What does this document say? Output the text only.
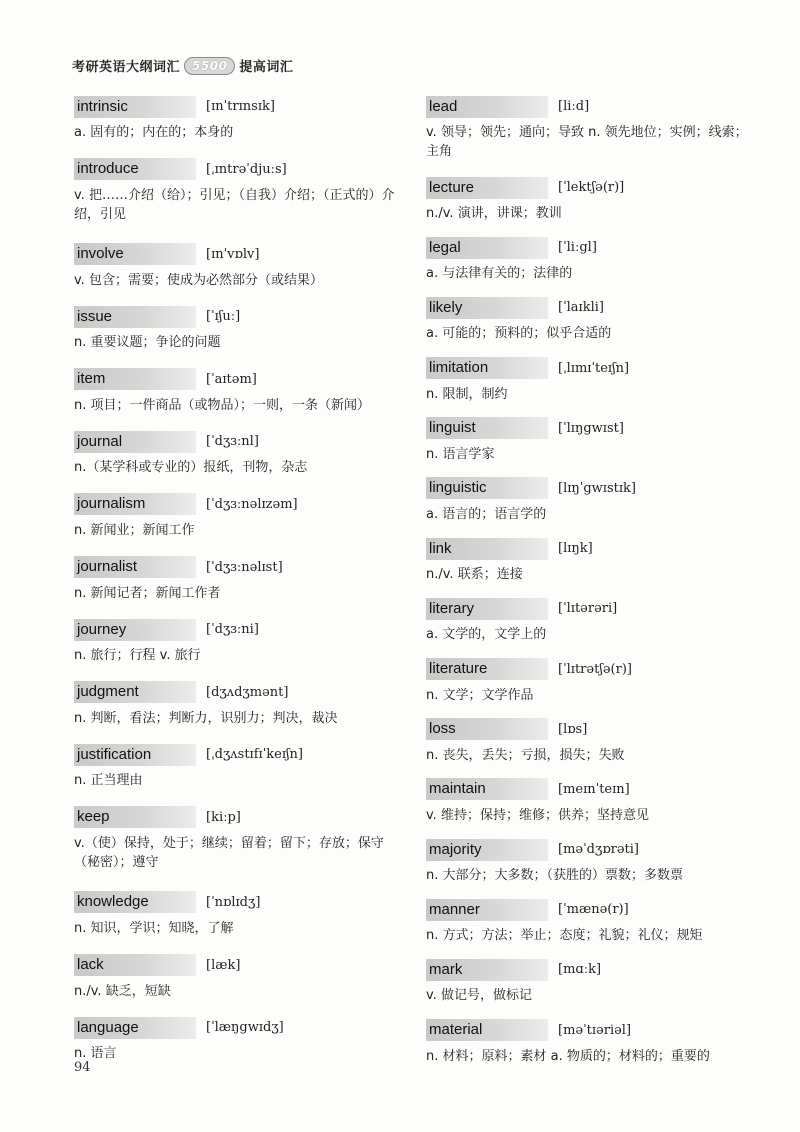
考研英语大纲词汇	5500 提高词汇
intrinsic	[ɪnˈtrɪnsɪk]
a. 固有的；内在的；本身的
introduce	[ˌɪntrəˈdjuːs]
v. 把……介绍（给）；引见；（自我）介绍；（正式的）介绍，引见
involve	[ɪnˈvɒlv]
v. 包含；需要；使成为必然部分（或结果）
issue	[ˈɪʃuː]
n. 重要议题；争论的问题
item	[ˈaɪtəm]
n. 项目；一件商品（或物品）；一则，一条（新闻）
journal	[ˈdʒɜːnl]
n.（某学科或专业的）报纸，刊物，杂志
journalism	[ˈdʒɜːnəlɪzəm]
n. 新闻业；新闻工作
journalist	[ˈdʒɜːnəlɪst]
n. 新闻记者；新闻工作者
journey	[ˈdʒɜːni]
n. 旅行；行程 v. 旅行
judgment	[dʒʌdʒmənt]
n. 判断，看法；判断力，识别力；判决，裁决
justification	[ˌdʒʌstɪfɪˈkeɪʃn]
n. 正当理由
keep	[kiːp]
v.（使）保持，处于；继续；留着；留下；存放；保守（秘密）；遵守
knowledge	[ˈnɒlɪdʒ]
n. 知识，学识；知晓，了解
lack	[læk]
n./v. 缺乏，短缺
language	[ˈlæŋgwɪdʒ]
n. 语言
lead	[liːd]
v. 领导；领先；通向；导致 n. 领先地位；实例；线索；主角
lecture	[ˈlektʃə(r)]
n./v. 演讲，讲课；教训
legal	[ˈliːgl]
a. 与法律有关的；法律的
likely	[ˈlaɪkli]
a. 可能的；预料的；似乎合适的
limitation	[ˌlɪmɪˈteɪʃn]
n. 限制，制约
linguist	[ˈlɪŋgwɪst]
n. 语言学家
linguistic	[lɪŋˈgwɪstɪk]
a. 语言的；语言学的
link	[lɪŋk]
n./v. 联系；连接
literary	[ˈlɪtərəri]
a. 文学的，文学上的
literature	[ˈlɪtrətʃə(r)]
n. 文学；文学作品
loss	[lɒs]
n. 丧失，丢失；亏损，损失；失败
maintain	[meɪnˈteɪn]
v. 维持；保持；维修；供养；坚持意见
majority	[məˈdʒɒrəti]
n. 大部分；大多数；（获胜的）票数；多数票
manner	[ˈmænə(r)]
n. 方式；方法；举止；态度；礼貌；礼仪；规矩
mark	[mɑːk]
v. 做记号，做标记
material	[məˈtɪəriəl]
n. 材料；原料；素材 a. 物质的；材料的；重要的
94
